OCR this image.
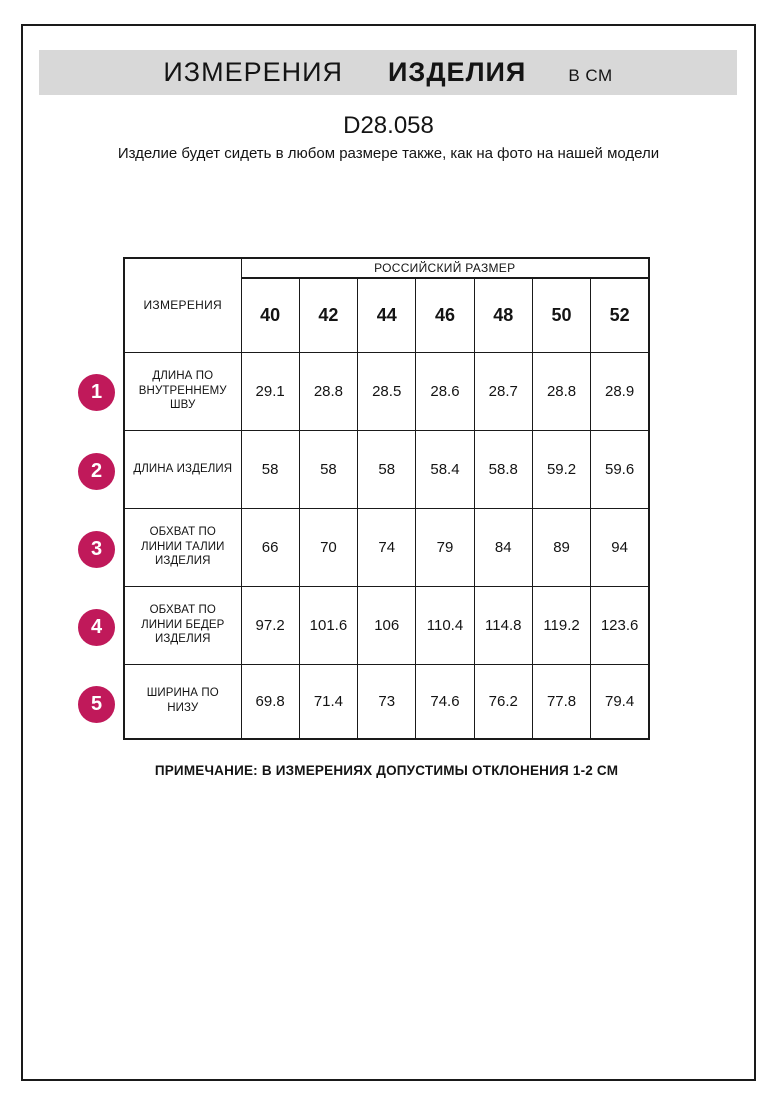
ИЗМЕРЕНИЯ ИЗДЕЛИЯ В СМ
D28.058
Изделие будет сидеть в любом размере также, как на фото на нашей модели
1
2
3
4
5
ИЗМЕРЕНИЯ	РОССИЙСКИЙ РАЗМЕР						
	40	42	44	46	48	50	52
ДЛИНА ПО ВНУТРЕННЕМУ ШВУ	29.1	28.8	28.5	28.6	28.7	28.8	28.9
ДЛИНА ИЗДЕЛИЯ	58	58	58	58.4	58.8	59.2	59.6
ОБХВАТ ПО ЛИНИИ ТАЛИИ ИЗДЕЛИЯ	66	70	74	79	84	89	94
ОБХВАТ ПО ЛИНИИ БЕДЕР ИЗДЕЛИЯ	97.2	101.6	106	110.4	114.8	119.2	123.6
ШИРИНА ПО НИЗУ	69.8	71.4	73	74.6	76.2	77.8	79.4
ПРИМЕЧАНИЕ: В ИЗМЕРЕНИЯХ ДОПУСТИМЫ ОТКЛОНЕНИЯ 1-2 СМ
